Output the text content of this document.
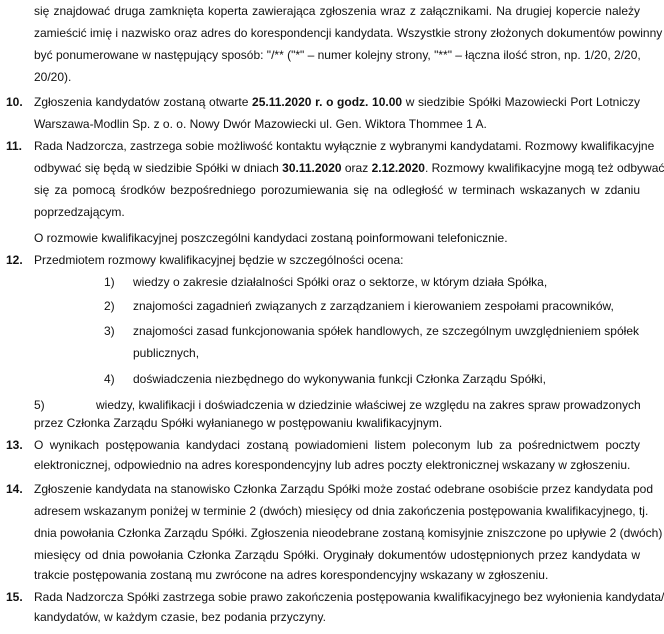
się znajdować druga zamknięta koperta zawierająca zgłoszenia wraz z załącznikami. Na drugiej kopercie należy
zamieścić imię i nazwisko oraz adres do korespondencji kandydata. Wszystkie strony złożonych dokumentów powinny
być ponumerowane w następujący sposób: "/** ("*" – numer kolejny strony, "**" – łączna ilość stron, np. 1/20, 2/20,
20/20).
10. Zgłoszenia kandydatów zostaną otwarte 25.11.2020 r. o godz. 10.00 w siedzibie Spółki Mazowiecki Port Lotniczy
Warszawa-Modlin Sp. z o. o. Nowy Dwór Mazowiecki ul. Gen. Wiktora Thommee 1 A.
11. Rada Nadzorcza, zastrzega sobie możliwość kontaktu wyłącznie z wybranymi kandydatami. Rozmowy kwalifikacyjne
odbywać się będą w siedzibie Spółki w dniach 30.11.2020 oraz 2.12.2020. Rozmowy kwalifikacyjne mogą też odbywać
się za pomocą środków bezpośredniego porozumiewania się na odległość w terminach wskazanych w zdaniu
poprzedzającym.
O rozmowie kwalifikacyjnej poszczególni kandydaci zostaną poinformowani telefonicznie.
12. Przedmiotem rozmowy kwalifikacyjnej będzie w szczególności ocena:
1)	wiedzy o zakresie działalności Spółki oraz o sektorze, w którym działa Spółka,
2)	znajomości zagadnień związanych z zarządzaniem i kierowaniem zespołami pracowników,
3)	znajomości zasad funkcjonowania spółek handlowych, ze szczególnym uwzględnieniem spółek
publicznych,
4)	doświadczenia niezbędnego do wykonywania funkcji Członka Zarządu Spółki,
5)	wiedzy, kwalifikacji i doświadczenia w dziedzinie właściwej ze względu na zakres spraw prowadzonych
przez Członka Zarządu Spółki wyłanianego w postępowaniu kwalifikacyjnym.
13. O wynikach postępowania kandydaci zostaną powiadomieni listem poleconym lub za pośrednictwem poczty
elektronicznej, odpowiednio na adres korespondencyjny lub adres poczty elektronicznej wskazany w zgłoszeniu.
14. Zgłoszenie kandydata na stanowisko Członka Zarządu Spółki może zostać odebrane osobiście przez kandydata pod
adresem wskazanym poniżej w terminie 2 (dwóch) miesięcy od dnia zakończenia postępowania kwalifikacyjnego, tj.
dnia powołania Członka Zarządu Spółki. Zgłoszenia nieodebrane zostaną komisyjnie zniszczone po upływie 2 (dwóch)
miesięcy od dnia powołania Członka Zarządu Spółki. Oryginały dokumentów udostępnionych przez kandydata w
trakcie postępowania zostaną mu zwrócone na adres korespondencyjny wskazany w zgłoszeniu.
15. Rada Nadzorcza Spółki zastrzega sobie prawo zakończenia postępowania kwalifikacyjnego bez wyłonienia kandydata/
kandydatów, w każdym czasie, bez podania przyczyny.
